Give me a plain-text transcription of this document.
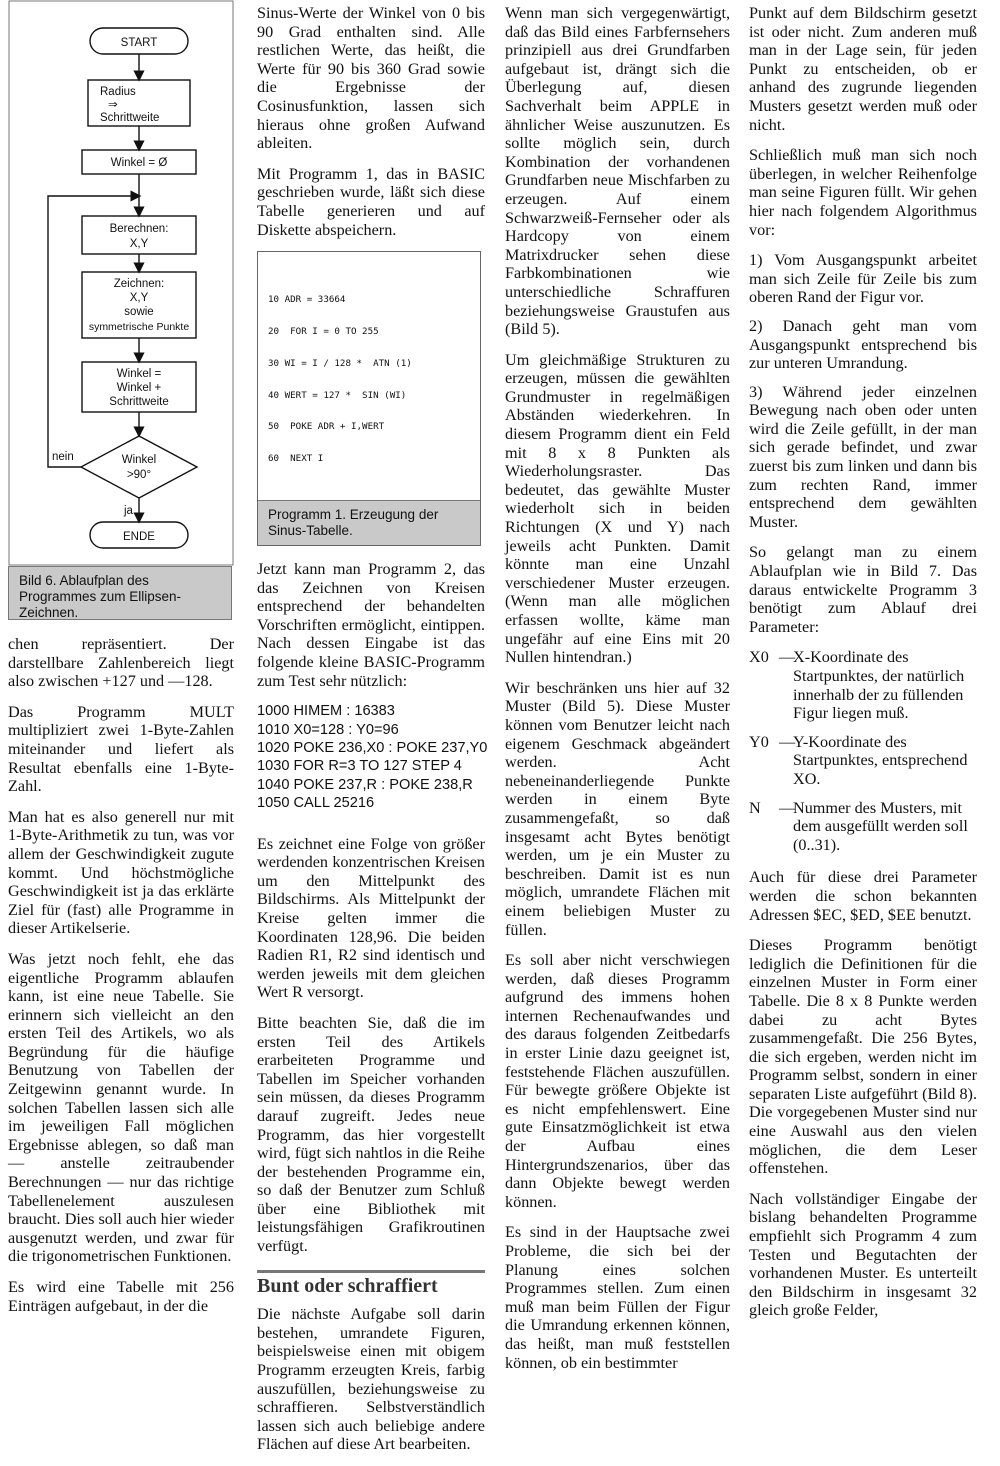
START
Radius
⇒
Schrittweite
Winkel = Ø
Berechnen:
X,Y
Zeichnen:
X,Y
sowie
symmetrische Punkte
Winkel =
Winkel +
Schrittweite
Winkel
>90°
nein
ja
ENDE
Bild 6. Ablaufplan des Programmes zum Ellipsen-Zeichnen.

chen repräsentiert. Der darstellbare Zahlenbereich liegt also zwischen +127 und —128.

Das Programm MULT multipliziert zwei 1-Byte-Zahlen miteinander und liefert als Resultat ebenfalls eine 1-Byte-Zahl.

Man hat es also generell nur mit 1-Byte-Arithmetik zu tun, was vor allem der Geschwindigkeit zugute kommt. Und höchstmögliche Geschwindigkeit ist ja das erklärte Ziel für (fast) alle Programme in dieser Artikelserie.

Was jetzt noch fehlt, ehe das eigentliche Programm ablaufen kann, ist eine neue Tabelle. Sie erinnern sich vielleicht an den ersten Teil des Artikels, wo als Begründung für die häufige Benutzung von Tabellen der Zeitgewinn genannt wurde. In solchen Tabellen lassen sich alle im jeweiligen Fall möglichen Ergebnisse ablegen, so daß man — anstelle zeitraubender Berechnungen — nur das richtige Tabellenelement auszulesen braucht. Dies soll auch hier wieder ausgenutzt werden, und zwar für die trigonometrischen Funktionen.

Es wird eine Tabelle mit 256 Einträgen aufgebaut, in der die

Sinus-Werte der Winkel von 0 bis 90 Grad enthalten sind. Alle restlichen Werte, das heißt, die Werte für 90 bis 360 Grad sowie die Ergebnisse der Cosinusfunktion, lassen sich hieraus ohne großen Aufwand ableiten.

Mit Programm 1, das in BASIC geschrieben wurde, läßt sich diese Tabelle generieren und auf Diskette abspeichern.

10 ADR = 33664

20  FOR I = 0 TO 255

30 WI = I / 128 *  ATN (1)

40 WERT = 127 *  SIN (WI)

50  POKE ADR + I,WERT

60  NEXT I

Programm 1. Erzeugung der Sinus-Tabelle.

Jetzt kann man Programm 2, das das Zeichnen von Kreisen entsprechend der behandelten Vorschriften ermöglicht, eintippen. Nach dessen Eingabe ist das folgende kleine BASIC-Programm zum Test sehr nützlich:

1000 HIMEM : 16383
1010 X0=128 : Y0=96
1020 POKE 236,X0 : POKE 237,Y0
1030 FOR R=3 TO 127 STEP 4
1040 POKE 237,R : POKE 238,R
1050 CALL 25216

Es zeichnet eine Folge von größer werdenden konzentrischen Kreisen um den Mittelpunkt des Bildschirms. Als Mittelpunkt der Kreise gelten immer die Koordinaten 128,96. Die beiden Radien R1, R2 sind identisch und werden jeweils mit dem gleichen Wert R versorgt.

Bitte beachten Sie, daß die im ersten Teil des Artikels erarbeiteten Programme und Tabellen im Speicher vorhanden sein müssen, da dieses Programm darauf zugreift. Jedes neue Programm, das hier vorgestellt wird, fügt sich nahtlos in die Reihe der bestehenden Programme ein, so daß der Benutzer zum Schluß über eine Bibliothek mit leistungsfähigen Grafikroutinen verfügt.

Bunt oder schraffiert

Die nächste Aufgabe soll darin bestehen, umrandete Figuren, beispielsweise einen mit obigem Programm erzeugten Kreis, farbig auszufüllen, beziehungsweise zu schraffieren. Selbstverständlich lassen sich auch beliebige andere Flächen auf diese Art bearbeiten.

Wenn man sich vergegenwärtigt, daß das Bild eines Farbfernsehers prinzipiell aus drei Grundfarben aufgebaut ist, drängt sich die Überlegung auf, diesen Sachverhalt beim APPLE in ähnlicher Weise auszunutzen. Es sollte möglich sein, durch Kombination der vorhandenen Grundfarben neue Mischfarben zu erzeugen. Auf einem Schwarzweiß-Fernseher oder als Hardcopy von einem Matrixdrucker sehen diese Farbkombinationen wie unterschiedliche Schraffuren beziehungsweise Graustufen aus (Bild 5).

Um gleichmäßige Strukturen zu erzeugen, müssen die gewählten Grundmuster in regelmäßigen Abständen wiederkehren. In diesem Programm dient ein Feld mit 8 x 8 Punkten als Wiederholungsraster. Das bedeutet, das gewählte Muster wiederholt sich in beiden Richtungen (X und Y) nach jeweils acht Punkten. Damit könnte man eine Unzahl verschiedener Muster erzeugen. (Wenn man alle möglichen erfassen wollte, käme man ungefähr auf eine Eins mit 20 Nullen hintendran.)

Wir beschränken uns hier auf 32 Muster (Bild 5). Diese Muster können vom Benutzer leicht nach eigenem Geschmack abgeändert werden. Acht nebeneinanderliegende Punkte werden in einem Byte zusammengefaßt, so daß insgesamt acht Bytes benötigt werden, um je ein Muster zu beschreiben. Damit ist es nun möglich, umrandete Flächen mit einem beliebigen Muster zu füllen.

Es soll aber nicht verschwiegen werden, daß dieses Programm aufgrund des immens hohen internen Rechenaufwandes und des daraus folgenden Zeitbedarfs in erster Linie dazu geeignet ist, feststehende Flächen auszufüllen. Für bewegte größere Objekte ist es nicht empfehlenswert. Eine gute Einsatzmöglichkeit ist etwa der Aufbau eines Hintergrundszenarios, über das dann Objekte bewegt werden können.

Es sind in der Hauptsache zwei Probleme, die sich bei der Planung eines solchen Programmes stellen. Zum einen muß man beim Füllen der Figur die Umrandung erkennen können, das heißt, man muß feststellen können, ob ein bestimmter

Punkt auf dem Bildschirm gesetzt ist oder nicht. Zum anderen muß man in der Lage sein, für jeden Punkt zu entscheiden, ob er anhand des zugrunde liegenden Musters gesetzt werden muß oder nicht.

Schließlich muß man sich noch überlegen, in welcher Reihenfolge man seine Figuren füllt. Wir gehen hier nach folgendem Algorithmus vor:

1) Vom Ausgangspunkt arbeitet man sich Zeile für Zeile bis zum oberen Rand der Figur vor.

2) Danach geht man vom Ausgangspunkt entsprechend bis zur unteren Umrandung.

3) Während jeder einzelnen Bewegung nach oben oder unten wird die Zeile gefüllt, in der man sich gerade befindet, und zwar zuerst bis zum linken und dann bis zum rechten Rand, immer entsprechend dem gewählten Muster.

So gelangt man zu einem Ablaufplan wie in Bild 7. Das daraus entwickelte Programm 3 benötigt zum Ablauf drei Parameter:

X0 —
X-Koordinate des Startpunktes, der natürlich innerhalb der zu füllenden Figur liegen muß.
Y0 —
Y-Koordinate des Startpunktes, entsprechend XO.
N	—
Nummer des Musters, mit dem ausgefüllt werden soll (0..31).

Auch für diese drei Parameter werden die schon bekannten Adressen $EC, $ED, $EE benutzt.

Dieses Programm benötigt lediglich die Definitionen für die einzelnen Muster in Form einer Tabelle. Die 8 x 8 Punkte werden dabei zu acht Bytes zusammengefaßt. Die 256 Bytes, die sich ergeben, werden nicht im Programm selbst, sondern in einer separaten Liste aufgeführt (Bild 8). Die vorgegebenen Muster sind nur eine Auswahl aus den vielen möglichen, die dem Leser offenstehen.

Nach vollständiger Eingabe der bislang behandelten Programme empfiehlt sich Programm 4 zum Testen und Begutachten der vorhandenen Muster. Es unterteilt den Bildschirm in insgesamt 32 gleich große Felder,
